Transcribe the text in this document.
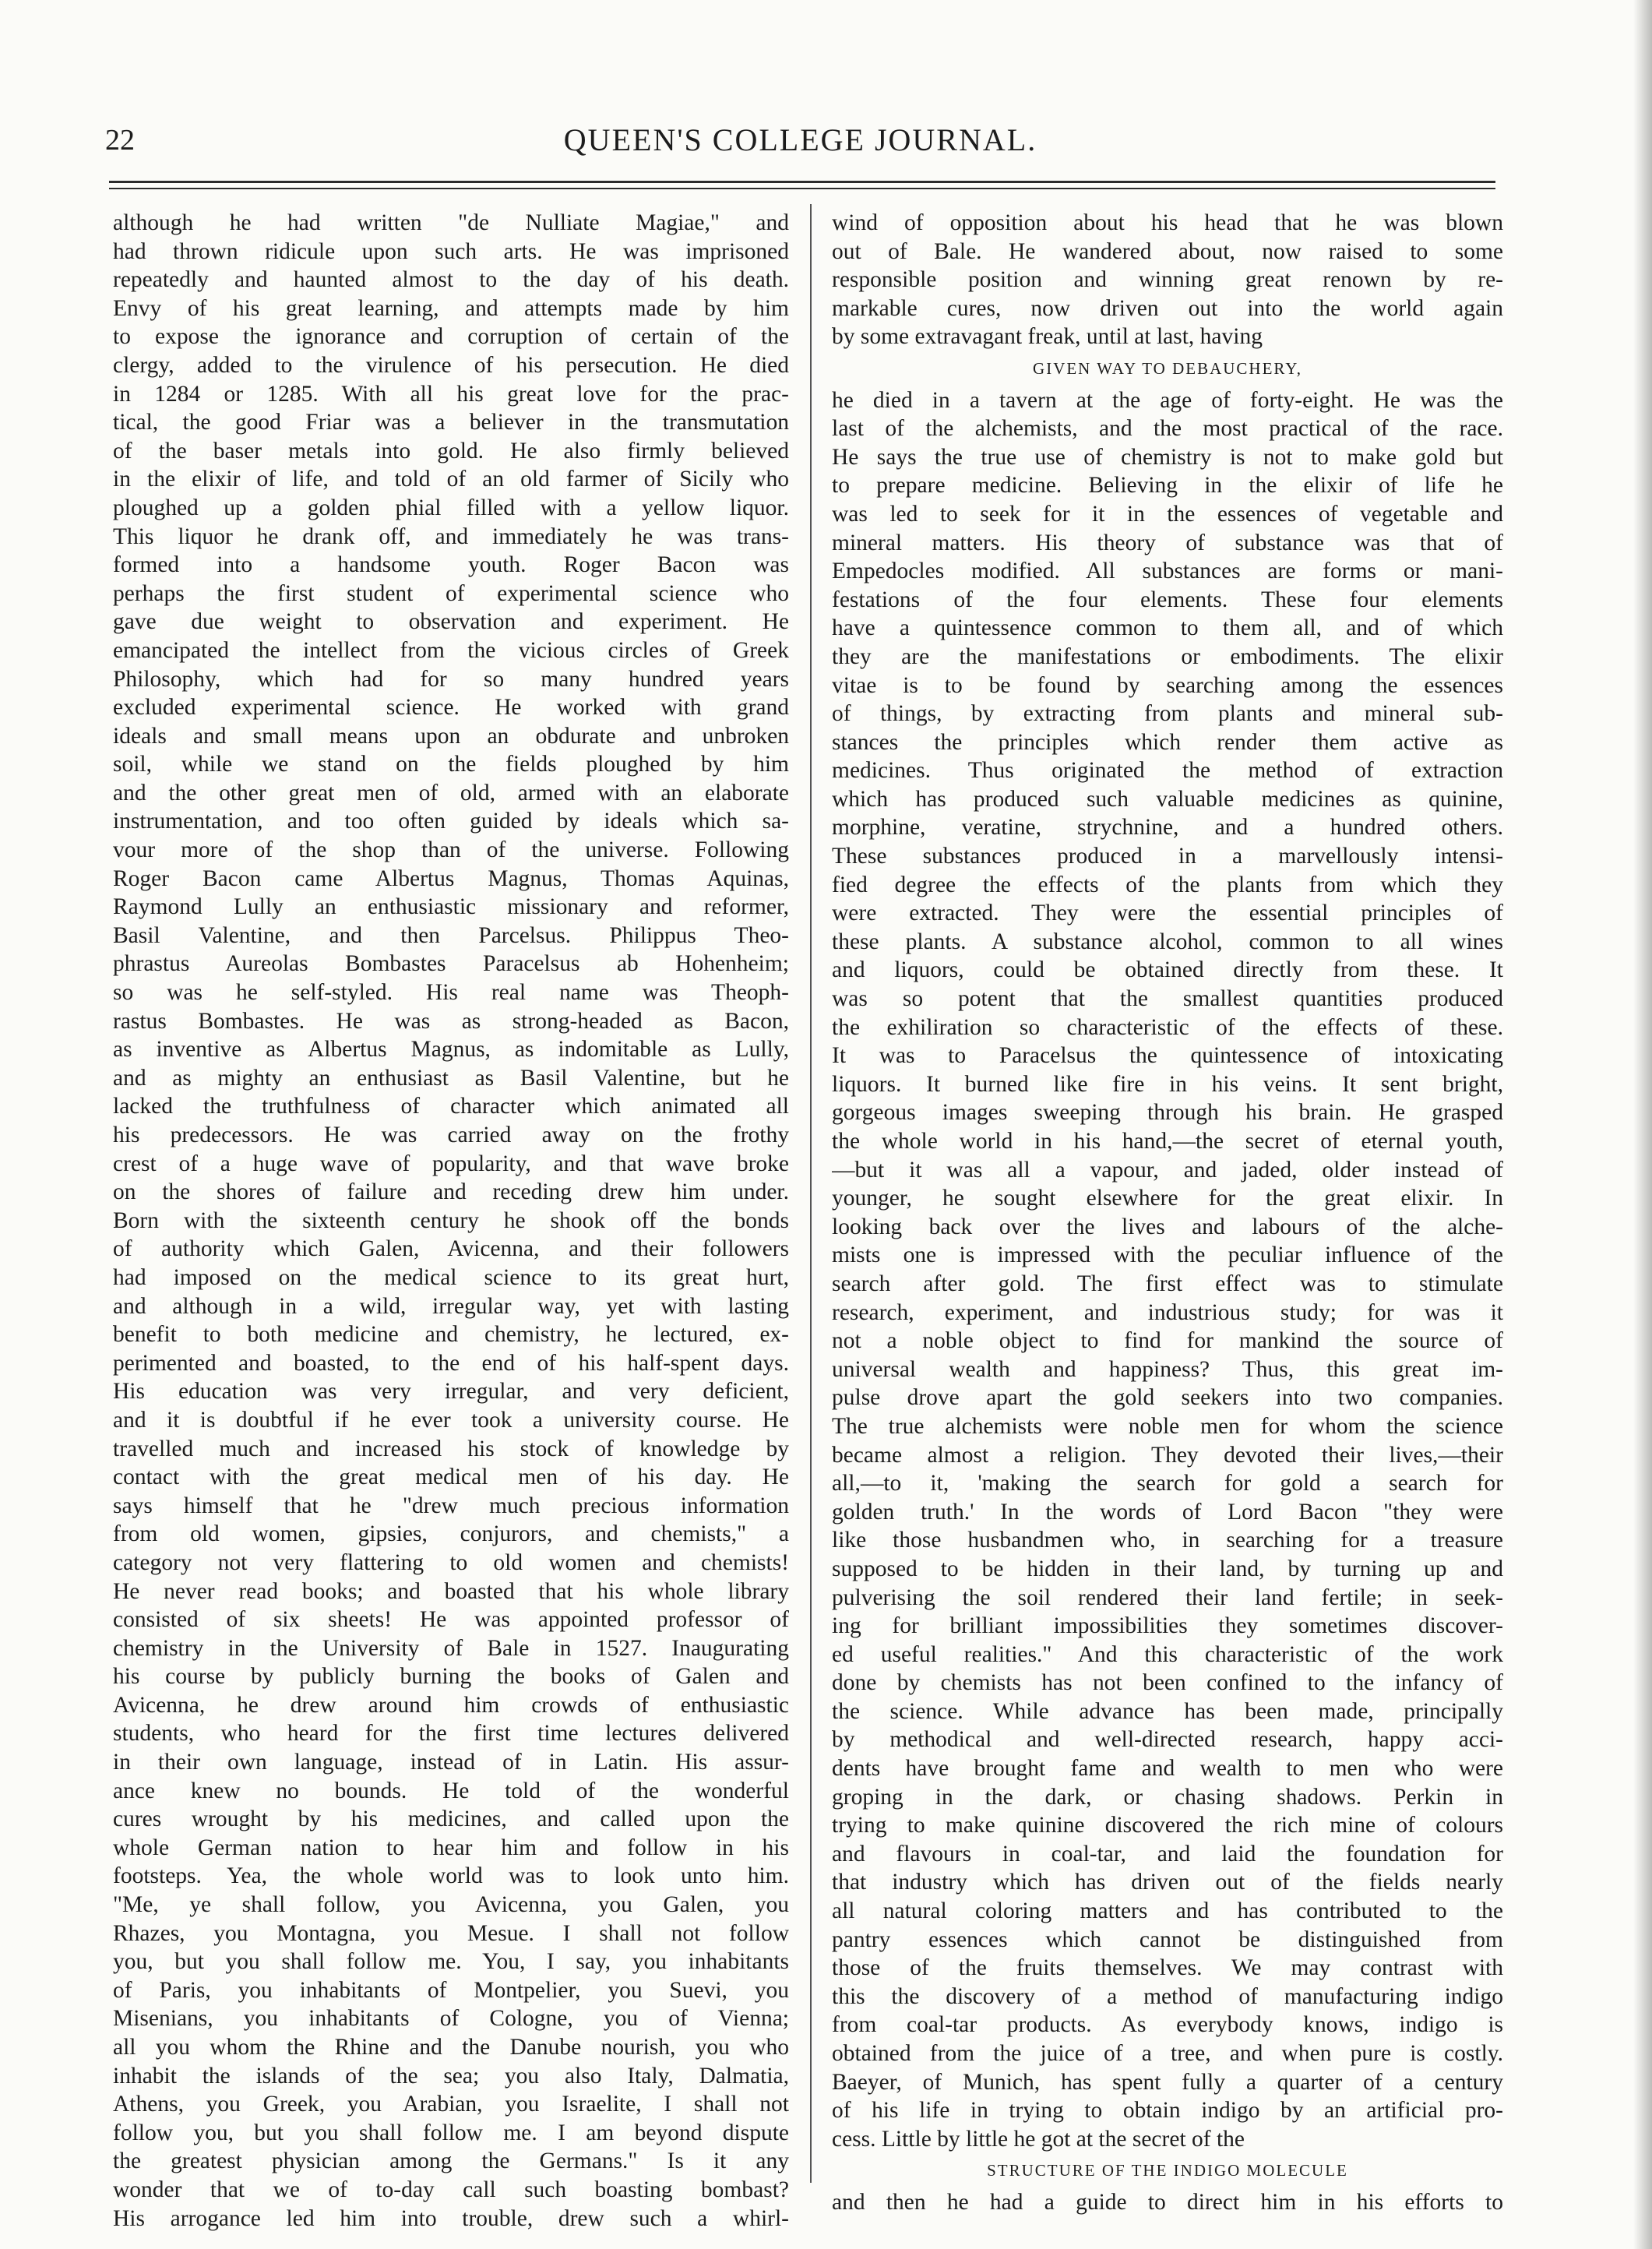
22	QUEEN'S COLLEGE JOURNAL.
although he had written "de Nulliate Magiae," and
had thrown ridicule upon such arts. He was imprisoned
repeatedly and haunted almost to the day of his death.
Envy of his great learning, and attempts made by him
to expose the ignorance and corruption of certain of the
clergy, added to the virulence of his persecution. He died
in 1284 or 1285. With all his great love for the prac-
tical, the good Friar was a believer in the transmutation
of the baser metals into gold. He also firmly believed
in the elixir of life, and told of an old farmer of Sicily who
ploughed up a golden phial filled with a yellow liquor.
This liquor he drank off, and immediately he was trans-
formed into a handsome youth. Roger Bacon was
perhaps the first student of experimental science who
gave due weight to observation and experiment. He
emancipated the intellect from the vicious circles of Greek
Philosophy, which had for so many hundred years
excluded experimental science. He worked with grand
ideals and small means upon an obdurate and unbroken
soil, while we stand on the fields ploughed by him
and the other great men of old, armed with an elaborate
instrumentation, and too often guided by ideals which sa-
vour more of the shop than of the universe. Following
Roger Bacon came Albertus Magnus, Thomas Aquinas,
Raymond Lully an enthusiastic missionary and reformer,
Basil Valentine, and then Parcelsus. Philippus Theo-
phrastus Aureolas Bombastes Paracelsus ab Hohenheim;
so was he self-styled. His real name was Theoph-
rastus Bombastes. He was as strong-headed as Bacon,
as inventive as Albertus Magnus, as indomitable as Lully,
and as mighty an enthusiast as Basil Valentine, but he
lacked the truthfulness of character which animated all
his predecessors. He was carried away on the frothy
crest of a huge wave of popularity, and that wave broke
on the shores of failure and receding drew him under.
Born with the sixteenth century he shook off the bonds
of authority which Galen, Avicenna, and their followers
had imposed on the medical science to its great hurt,
and although in a wild, irregular way, yet with lasting
benefit to both medicine and chemistry, he lectured, ex-
perimented and boasted, to the end of his half-spent days.
His education was very irregular, and very deficient,
and it is doubtful if he ever took a university course. He
travelled much and increased his stock of knowledge by
contact with the great medical men of his day. He
says himself that he "drew much precious information
from old women, gipsies, conjurors, and chemists," a
category not very flattering to old women and chemists!
He never read books; and boasted that his whole library
consisted of six sheets! He was appointed professor of
chemistry in the University of Bale in 1527. Inaugurating
his course by publicly burning the books of Galen and
Avicenna, he drew around him crowds of enthusiastic
students, who heard for the first time lectures delivered
in their own language, instead of in Latin. His assur-
ance knew no bounds. He told of the wonderful
cures wrought by his medicines, and called upon the
whole German nation to hear him and follow in his
footsteps. Yea, the whole world was to look unto him.
"Me, ye shall follow, you Avicenna, you Galen, you
Rhazes, you Montagna, you Mesue. I shall not follow
you, but you shall follow me. You, I say, you inhabitants
of Paris, you inhabitants of Montpelier, you Suevi, you
Misenians, you inhabitants of Cologne, you of Vienna;
all you whom the Rhine and the Danube nourish, you who
inhabit the islands of the sea; you also Italy, Dalmatia,
Athens, you Greek, you Arabian, you Israelite, I shall not
follow you, but you shall follow me. I am beyond dispute
the greatest physician among the Germans." Is it any
wonder that we of to-day call such boasting bombast?
His arrogance led him into trouble, drew such a whirl-
wind of opposition about his head that he was blown
out of Bale. He wandered about, now raised to some
responsible position and winning great renown by re-
markable cures, now driven out into the world again
by some extravagant freak, until at last, having
GIVEN WAY TO DEBAUCHERY,
he died in a tavern at the age of forty-eight. He was the
last of the alchemists, and the most practical of the race.
He says the true use of chemistry is not to make gold but
to prepare medicine. Believing in the elixir of life he
was led to seek for it in the essences of vegetable and
mineral matters. His theory of substance was that of
Empedocles modified. All substances are forms or mani-
festations of the four elements. These four elements
have a quintessence common to them all, and of which
they are the manifestations or embodiments. The elixir
vitae is to be found by searching among the essences
of things, by extracting from plants and mineral sub-
stances the principles which render them active as
medicines. Thus originated the method of extraction
which has produced such valuable medicines as quinine,
morphine, veratine, strychnine, and a hundred others.
These substances produced in a marvellously intensi-
fied degree the effects of the plants from which they
were extracted. They were the essential principles of
these plants. A substance alcohol, common to all wines
and liquors, could be obtained directly from these. It
was so potent that the smallest quantities produced
the exhiliration so characteristic of the effects of these.
It was to Paracelsus the quintessence of intoxicating
liquors. It burned like fire in his veins. It sent bright,
gorgeous images sweeping through his brain. He grasped
the whole world in his hand,—the secret of eternal youth,
—but it was all a vapour, and jaded, older instead of
younger, he sought elsewhere for the great elixir. In
looking back over the lives and labours of the alche-
mists one is impressed with the peculiar influence of the
search after gold. The first effect was to stimulate
research, experiment, and industrious study; for was it
not a noble object to find for mankind the source of
universal wealth and happiness? Thus, this great im-
pulse drove apart the gold seekers into two companies.
The true alchemists were noble men for whom the science
became almost a religion. They devoted their lives,—their
all,—to it, 'making the search for gold a search for
golden truth.' In the words of Lord Bacon "they were
like those husbandmen who, in searching for a treasure
supposed to be hidden in their land, by turning up and
pulverising the soil rendered their land fertile; in seek-
ing for brilliant impossibilities they sometimes discover-
ed useful realities." And this characteristic of the work
done by chemists has not been confined to the infancy of
the science. While advance has been made, principally
by methodical and well-directed research, happy acci-
dents have brought fame and wealth to men who were
groping in the dark, or chasing shadows. Perkin in
trying to make quinine discovered the rich mine of colours
and flavours in coal-tar, and laid the foundation for
that industry which has driven out of the fields nearly
all natural coloring matters and has contributed to the
pantry essences which cannot be distinguished from
those of the fruits themselves. We may contrast with
this the discovery of a method of manufacturing indigo
from coal-tar products. As everybody knows, indigo is
obtained from the juice of a tree, and when pure is costly.
Baeyer, of Munich, has spent fully a quarter of a century
of his life in trying to obtain indigo by an artificial pro-
cess. Little by little he got at the secret of the
STRUCTURE OF THE INDIGO MOLECULE
and then he had a guide to direct him in his efforts to
